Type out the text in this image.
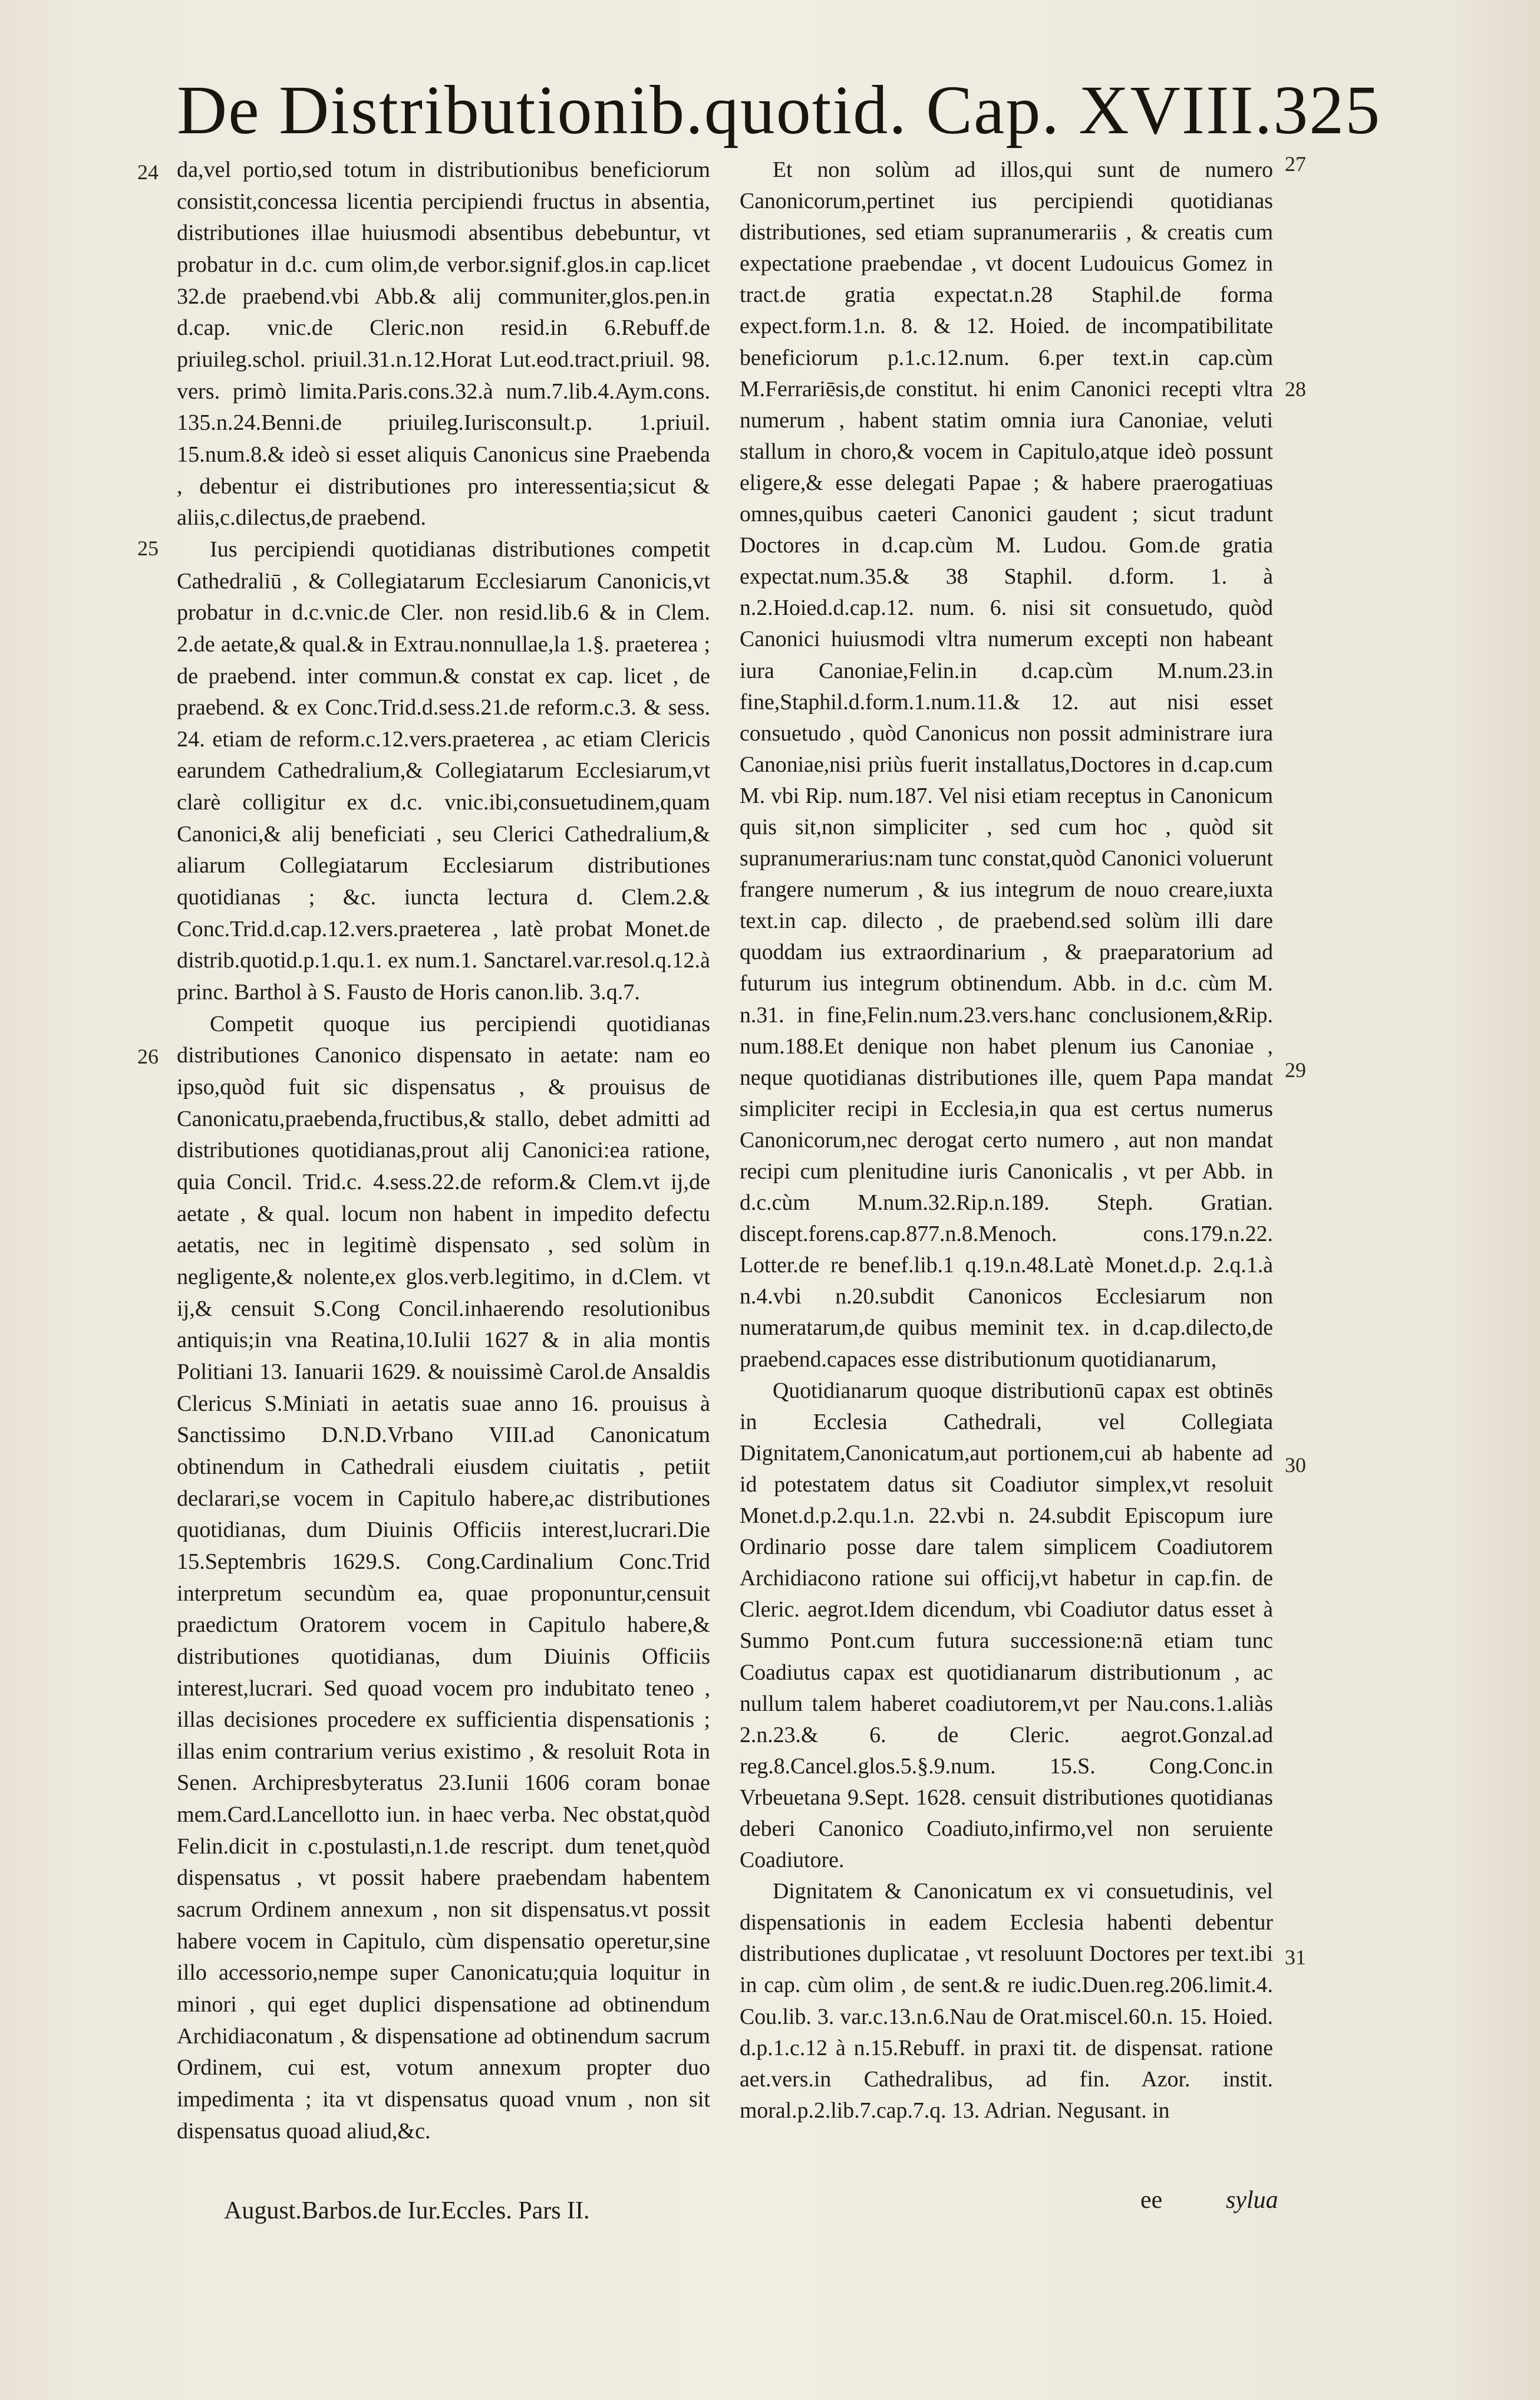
De Distributionib.quotid. Cap. XVIII.325
24
25
26
27
28
29
30
31

da,vel portio,sed totum in distributionibus beneficiorum consistit,concessa licentia percipiendi fructus in absentia, distributiones illae huiusmodi absentibus debebuntur, vt probatur in d.c. cum olim,de verbor.signif.glos.in cap.licet 32.de praebend.vbi Abb.& alij communiter,glos.pen.in d.cap. vnic.de Cleric.non resid.in 6.Rebuff.de priuileg.schol. priuil.31.n.12.Horat Lut.eod.tract.priuil. 98. vers. primò limita.Paris.cons.32.à num.7.lib.4.Aym.cons. 135.n.24.Benni.de priuileg.Iurisconsult.p. 1.priuil. 15.num.8.& ideò si esset aliquis Canonicus sine Praebenda , debentur ei distributiones pro interessentia;sicut & aliis,c.dilectus,de praebend.

Ius percipiendi quotidianas distributiones competit Cathedraliū , & Collegiatarum Ecclesiarum Canonicis,vt probatur in d.c.vnic.de Cler. non resid.lib.6 & in Clem. 2.de aetate,& qual.& in Extrau.nonnullae,la 1.§. praeterea ; de praebend. inter commun.& constat ex cap. licet , de praebend. & ex Conc.Trid.d.sess.21.de reform.c.3. & sess. 24. etiam de reform.c.12.vers.praeterea , ac etiam Clericis earundem Cathedralium,& Collegiatarum Ecclesiarum,vt clarè colligitur ex d.c. vnic.ibi,consuetudinem,quam Canonici,& alij beneficiati , seu Clerici Cathedralium,& aliarum Collegiatarum Ecclesiarum distributiones quotidianas ; &c. iuncta lectura d. Clem.2.& Conc.Trid.d.cap.12.vers.praeterea , latè probat Monet.de distrib.quotid.p.1.qu.1. ex num.1. Sanctarel.var.resol.q.12.à princ. Barthol à S. Fausto de Horis canon.lib. 3.q.7.

Competit quoque ius percipiendi quotidianas distributiones Canonico dispensato in aetate: nam eo ipso,quòd fuit sic dispensatus , & prouisus de Canonicatu,praebenda,fructibus,& stallo, debet admitti ad distributiones quotidianas,prout alij Canonici:ea ratione, quia Concil. Trid.c. 4.sess.22.de reform.& Clem.vt ij,de aetate , & qual. locum non habent in impedito defectu aetatis, nec in legitimè dispensato , sed solùm in negligente,& nolente,ex glos.verb.legitimo, in d.Clem. vt ij,& censuit S.Cong Concil.inhaerendo resolutionibus antiquis;in vna Reatina,10.Iulii 1627 & in alia montis Politiani 13. Ianuarii 1629. & nouissimè Carol.de Ansaldis Clericus S.Miniati in aetatis suae anno 16. prouisus à Sanctissimo D.N.D.Vrbano VIII.ad Canonicatum obtinendum in Cathedrali eiusdem ciuitatis , petiit declarari,se vocem in Capitulo habere,ac distributiones quotidianas, dum Diuinis Officiis interest,lucrari.Die 15.Septembris 1629.S. Cong.Cardinalium Conc.Trid interpretum secundùm ea, quae proponuntur,censuit praedictum Oratorem vocem in Capitulo habere,& distributiones quotidianas, dum Diuinis Officiis interest,lucrari. Sed quoad vocem pro indubitato teneo , illas decisiones procedere ex sufficientia dispensationis ; illas enim contrarium verius existimo , & resoluit Rota in Senen. Archipresbyteratus 23.Iunii 1606 coram bonae mem.Card.Lancellotto iun. in haec verba. Nec obstat,quòd Felin.dicit in c.postulasti,n.1.de rescript. dum tenet,quòd dispensatus , vt possit habere praebendam habentem sacrum Ordinem annexum , non sit dispensatus.vt possit habere vocem in Capitulo, cùm dispensatio operetur,sine illo accessorio,nempe super Canonicatu;quia loquitur in minori , qui eget duplici dispensatione ad obtinendum Archidiaconatum , & dispensatione ad obtinendum sacrum Ordinem, cui est, votum annexum propter duo impedimenta ; ita vt dispensatus quoad vnum , non sit dispensatus quoad aliud,&c.

Et non solùm ad illos,qui sunt de numero Canonicorum,pertinet ius percipiendi quotidianas distributiones, sed etiam supranumerariis , & creatis cum expectatione praebendae , vt docent Ludouicus Gomez in tract.de gratia expectat.n.28 Staphil.de forma expect.form.1.n. 8. & 12. Hoied. de incompatibilitate beneficiorum p.1.c.12.num. 6.per text.in cap.cùm M.Ferrariēsis,de constitut. hi enim Canonici recepti vltra numerum , habent statim omnia iura Canoniae, veluti stallum in choro,& vocem in Capitulo,atque ideò possunt eligere,& esse delegati Papae ; & habere praerogatiuas omnes,quibus caeteri Canonici gaudent ; sicut tradunt Doctores in d.cap.cùm M. Ludou. Gom.de gratia expectat.num.35.& 38 Staphil. d.form. 1. à n.2.Hoied.d.cap.12. num. 6. nisi sit consuetudo, quòd Canonici huiusmodi vltra numerum excepti non habeant iura Canoniae,Felin.in d.cap.cùm M.num.23.in fine,Staphil.d.form.1.num.11.& 12. aut nisi esset consuetudo , quòd Canonicus non possit administrare iura Canoniae,nisi priùs fuerit installatus,Doctores in d.cap.cum M. vbi Rip. num.187. Vel nisi etiam receptus in Canonicum quis sit,non simpliciter , sed cum hoc , quòd sit supranumerarius:nam tunc constat,quòd Canonici voluerunt frangere numerum , & ius integrum de nouo creare,iuxta text.in cap. dilecto , de praebend.sed solùm illi dare quoddam ius extraordinarium , & praeparatorium ad futurum ius integrum obtinendum. Abb. in d.c. cùm M. n.31. in fine,Felin.num.23.vers.hanc conclusionem,&Rip. num.188.Et denique non habet plenum ius Canoniae , neque quotidianas distributiones ille, quem Papa mandat simpliciter recipi in Ecclesia,in qua est certus numerus Canonicorum,nec derogat certo numero , aut non mandat recipi cum plenitudine iuris Canonicalis , vt per Abb. in d.c.cùm M.num.32.Rip.n.189. Steph. Gratian. discept.forens.cap.877.n.8.Menoch. cons.179.n.22. Lotter.de re benef.lib.1 q.19.n.48.Latè Monet.d.p. 2.q.1.à n.4.vbi n.20.subdit Canonicos Ecclesiarum non numeratarum,de quibus meminit tex. in d.cap.dilecto,de praebend.capaces esse distributionum quotidianarum,

Quotidianarum quoque distributionū capax est obtinēs in Ecclesia Cathedrali, vel Collegiata Dignitatem,Canonicatum,aut portionem,cui ab habente ad id potestatem datus sit Coadiutor simplex,vt resoluit Monet.d.p.2.qu.1.n. 22.vbi n. 24.subdit Episcopum iure Ordinario posse dare talem simplicem Coadiutorem Archidiacono ratione sui officij,vt habetur in cap.fin. de Cleric. aegrot.Idem dicendum, vbi Coadiutor datus esset à Summo Pont.cum futura successione:nā etiam tunc Coadiutus capax est quotidianarum distributionum , ac nullum talem haberet coadiutorem,vt per Nau.cons.1.aliàs 2.n.23.& 6. de Cleric. aegrot.Gonzal.ad reg.8.Cancel.glos.5.§.9.num. 15.S. Cong.Conc.in Vrbeuetana 9.Sept. 1628. censuit distributiones quotidianas deberi Canonico Coadiuto,infirmo,vel non seruiente Coadiutore.

Dignitatem & Canonicatum ex vi consuetudinis, vel dispensationis in eadem Ecclesia habenti debentur distributiones duplicatae , vt resoluunt Doctores per text.ibi in cap. cùm olim , de sent.& re iudic.Duen.reg.206.limit.4. Cou.lib. 3. var.c.13.n.6.Nau de Orat.miscel.60.n. 15. Hoied. d.p.1.c.12 à n.15.Rebuff. in praxi tit. de dispensat. ratione aet.vers.in Cathedralibus, ad fin. Azor. instit. moral.p.2.lib.7.cap.7.q. 13. Adrian. Negusant. in

August.Barbos.de Iur.Eccles. Pars II.	ee	sylua
